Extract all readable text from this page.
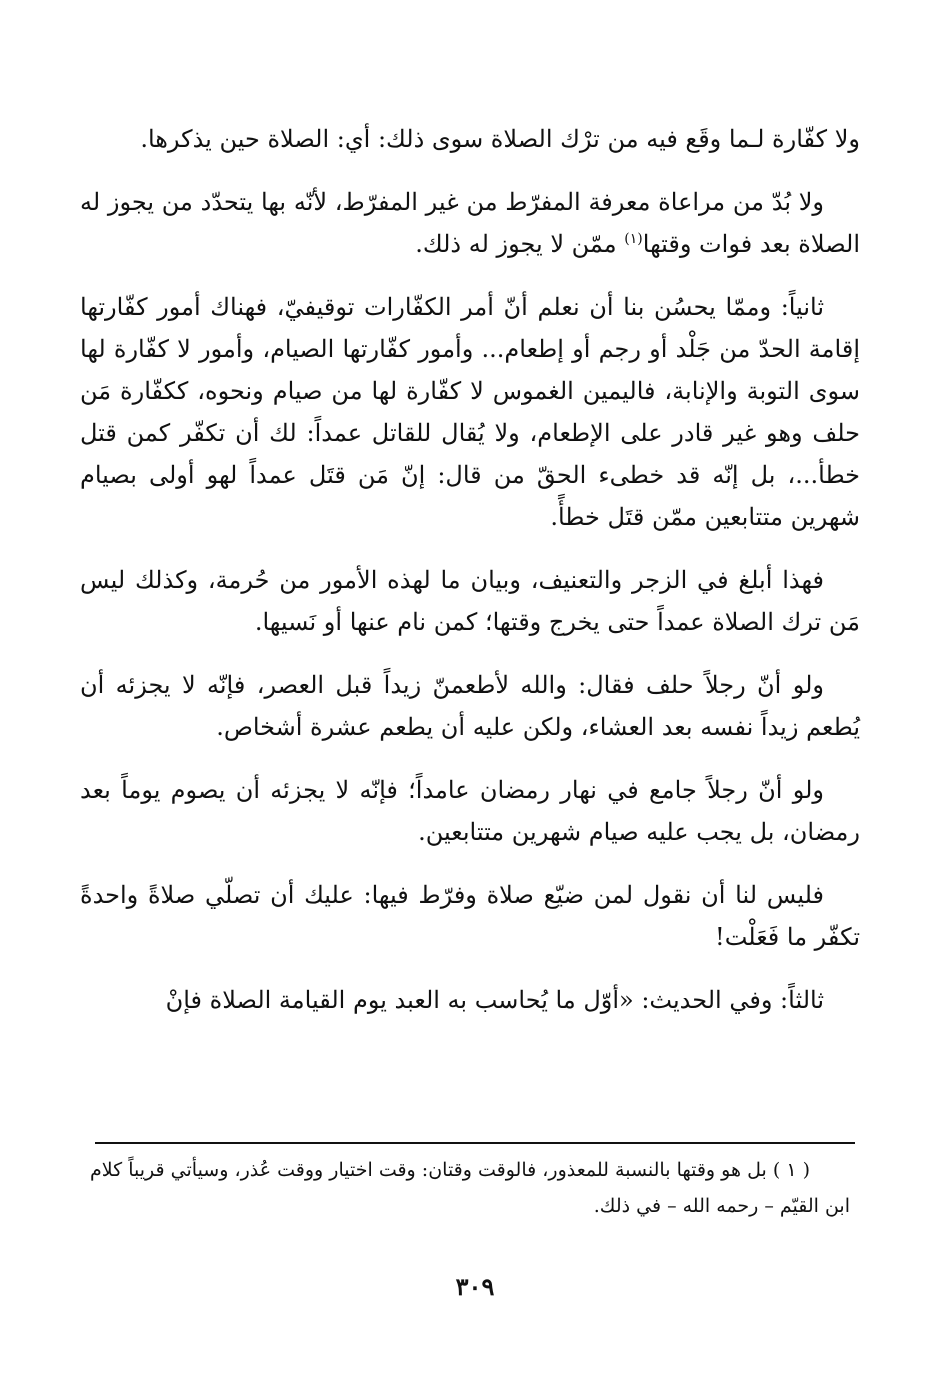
ولا كفّارة لـما وقَع فيه من ترْك الصلاة سوى ذلك: أي: الصلاة حين يذكرها.

ولا بُدّ من مراعاة معرفة المفرّط من غير المفرّط، لأنّه بها يتحدّد من يجوز له الصلاة بعد فوات وقتها$^{(١)}$ ممّن لا يجوز له ذلك.

ثانياً: وممّا يحسُن بنا أن نعلم أنّ أمر الكفّارات توقيفيّ، فهناك أمور كفّارتها إقامة الحدّ من جَلْد أو رجم أو إطعام... وأمور كفّارتها الصيام، وأمور لا كفّارة لها سوى التوبة والإنابة، فاليمين الغموس لا كفّارة لها من صيام ونحوه، ككفّارة مَن حلف وهو غير قادر على الإطعام، ولا يُقال للقاتل عمداً: لك أن تكفّر كمن قتل خطأ...، بل إنّه قد خطىء الحقّ من قال: إنّ مَن قتَل عمداً لهو أولى بصيام شهرين متتابعين ممّن قتَل خطأً.

فهذا أبلغ في الزجر والتعنيف، وبيان ما لهذه الأمور من حُرمة، وكذلك ليس مَن ترك الصلاة عمداً حتى يخرج وقتها؛ كمن نام عنها أو نَسيها.

ولو أنّ رجلاً حلف فقال: والله لأطعمنّ زيداً قبل العصر، فإنّه لا يجزئه أن يُطعم زيداً نفسه بعد العشاء، ولكن عليه أن يطعم عشرة أشخاص.

ولو أنّ رجلاً جامع في نهار رمضان عامداً؛ فإنّه لا يجزئه أن يصوم يوماً بعد رمضان، بل يجب عليه صيام شهرين متتابعين.

فليس لنا أن نقول لمن ضيّع صلاة وفرّط فيها: عليك أن تصلّي صلاةً واحدةً تكفّر ما فَعَلْت!

ثالثاً: وفي الحديث: «أوّل ما يُحاسب به العبد يوم القيامة الصلاة فإنْ

( ١ ) بل هو وقتها بالنسبة للمعذور، فالوقت وقتان: وقت اختيار ووقت عُذر، وسيأتي قريباً كلام ابن القيّم – رحمه الله – في ذلك.

٣٠٩
